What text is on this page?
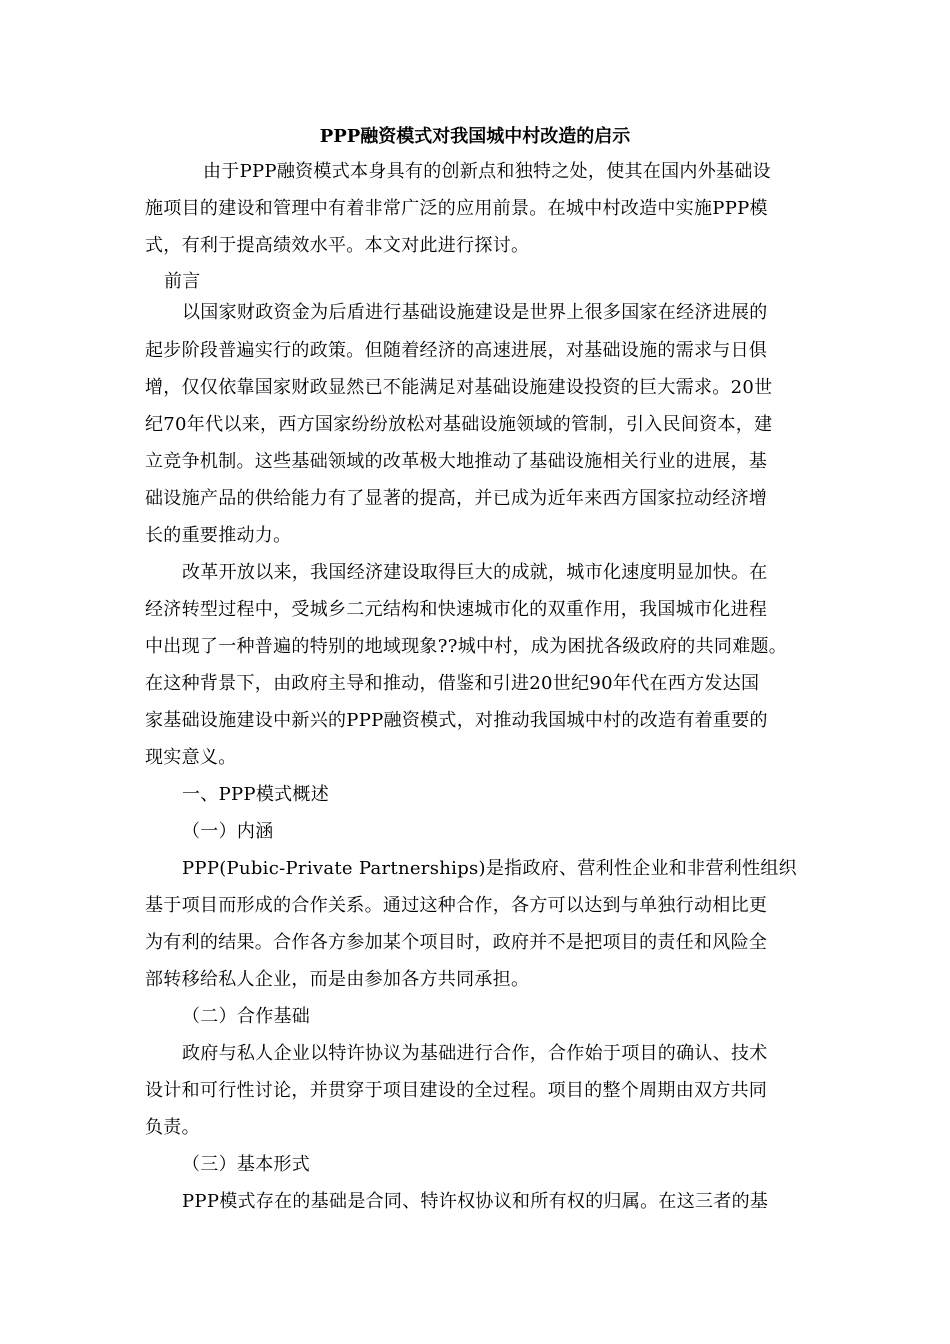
PPP融资模式对我国城中村改造的启示
由于PPP融资模式本身具有的创新点和独特之处，使其在国内外基础设
施项目的建设和管理中有着非常广泛的应用前景。在城中村改造中实施PPP模
式，有利于提高绩效水平。本文对此进行探讨。
前言
以国家财政资金为后盾进行基础设施建设是世界上很多国家在经济进展的
起步阶段普遍实行的政策。但随着经济的高速进展，对基础设施的需求与日俱
增，仅仅依靠国家财政显然已不能满足对基础设施建设投资的巨大需求。20世
纪70年代以来，西方国家纷纷放松对基础设施领域的管制，引入民间资本，建
立竞争机制。这些基础领域的改革极大地推动了基础设施相关行业的进展，基
础设施产品的供给能力有了显著的提高，并已成为近年来西方国家拉动经济增
长的重要推动力。
改革开放以来，我国经济建设取得巨大的成就，城市化速度明显加快。在
经济转型过程中，受城乡二元结构和快速城市化的双重作用，我国城市化进程
中出现了一种普遍的特别的地域现象??城中村，成为困扰各级政府的共同难题。
在这种背景下，由政府主导和推动，借鉴和引进20世纪90年代在西方发达国
家基础设施建设中新兴的PPP融资模式，对推动我国城中村的改造有着重要的
现实意义。
一、PPP模式概述
（一）内涵
PPP(Pubic-Private Partnerships)是指政府、营利性企业和非营利性组织
基于项目而形成的合作关系。通过这种合作，各方可以达到与单独行动相比更
为有利的结果。合作各方参加某个项目时，政府并不是把项目的责任和风险全
部转移给私人企业，而是由参加各方共同承担。
（二）合作基础
政府与私人企业以特许协议为基础进行合作，合作始于项目的确认、技术
设计和可行性讨论，并贯穿于项目建设的全过程。项目的整个周期由双方共同
负责。
（三）基本形式
PPP模式存在的基础是合同、特许权协议和所有权的归属。在这三者的基
